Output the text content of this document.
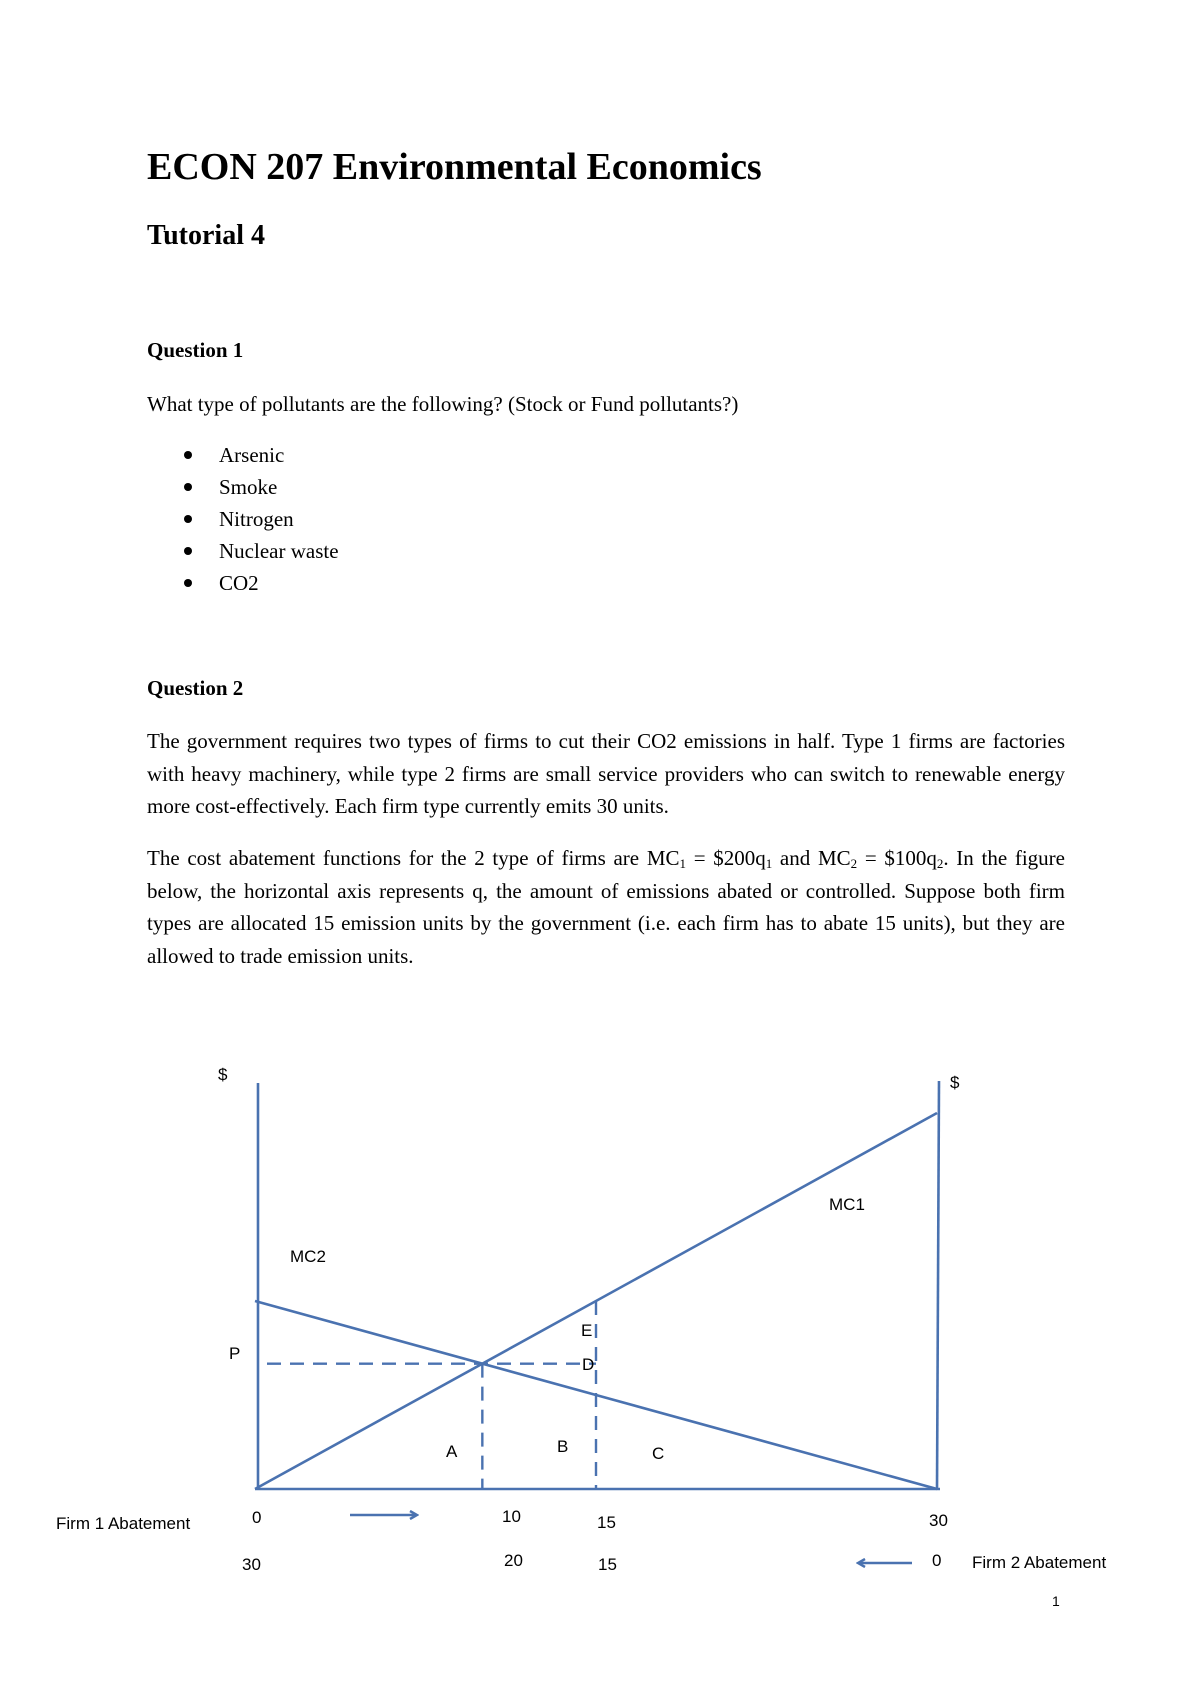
ECON 207 Environmental Economics
Tutorial 4
Question 1
What type of pollutants are the following? (Stock or Fund pollutants?)
Arsenic
Smoke
Nitrogen
Nuclear waste
CO2
Question 2
The government requires two types of firms to cut their CO2 emissions in half. Type 1 firms are factories with heavy machinery, while type 2 firms are small service providers who can switch to renewable energy more cost-effectively. Each firm type currently emits 30 units.
The cost abatement functions for the 2 type of firms are $MC_1$ = $\$200q_1$ and $MC_2$ = $\$100q_2$. In the figure below, the horizontal axis represents q, the amount of emissions abated or controlled. Suppose both firm types are allocated 15 emission units by the government (i.e. each firm has to abate 15 units), but they are allowed to trade emission units.
$	$
MC2
MC1
P
A	B	C
D
E
Firm 1 Abatement
Firm 2 Abatement
0	10	15	30
30	20	15	0
1
